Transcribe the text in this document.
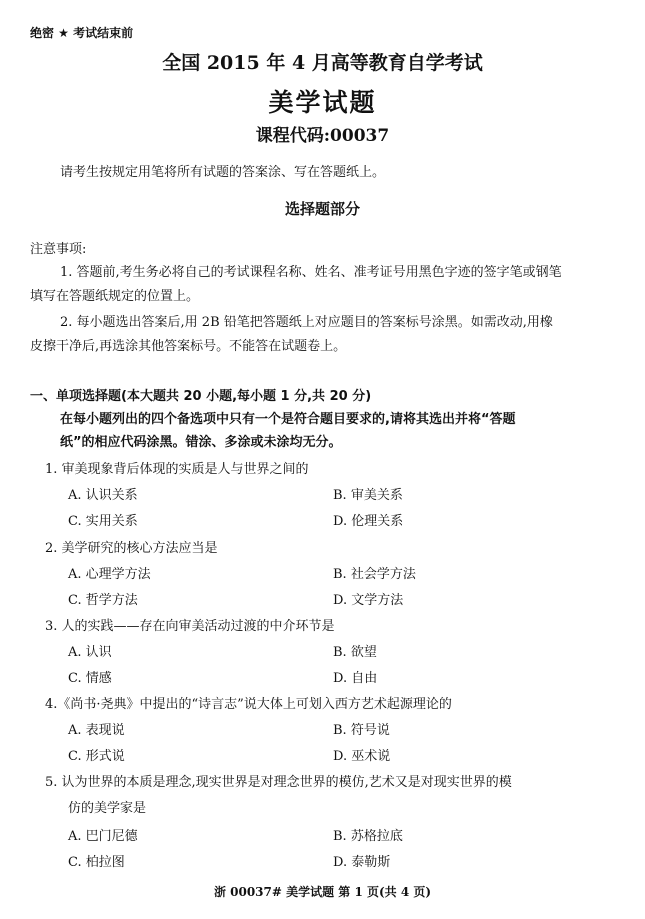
绝密 ★ 考试结束前
全国 2015 年 4 月高等教育自学考试
美学试题
课程代码:00037
请考生按规定用笔将所有试题的答案涂、写在答题纸上。
选择题部分
注意事项:
1. 答题前,考生务必将自己的考试课程名称、姓名、准考证号用黑色字迹的签字笔或钢笔
填写在答题纸规定的位置上。
2. 每小题选出答案后,用 2B 铅笔把答题纸上对应题目的答案标号涂黑。如需改动,用橡
皮擦干净后,再选涂其他答案标号。不能答在试题卷上。
一、单项选择题(本大题共 20 小题,每小题 1 分,共 20 分)
在每小题列出的四个备选项中只有一个是符合题目要求的,请将其选出并将“答题
纸”的相应代码涂黑。错涂、多涂或未涂均无分。
1. 审美现象背后体现的实质是人与世界之间的
A. 认识关系	B. 审美关系
C. 实用关系	D. 伦理关系
2. 美学研究的核心方法应当是
A. 心理学方法	B. 社会学方法
C. 哲学方法	D. 文学方法
3. 人的实践——存在向审美活动过渡的中介环节是
A. 认识	B. 欲望
C. 情感	D. 自由
4.《尚书·尧典》中提出的“诗言志”说大体上可划入西方艺术起源理论的
A. 表现说	B. 符号说
C. 形式说	D. 巫术说
5. 认为世界的本质是理念,现实世界是对理念世界的模仿,艺术又是对现实世界的模
仿的美学家是
A. 巴门尼德	B. 苏格拉底
C. 柏拉图	D. 泰勒斯
浙 00037# 美学试题 第 1 页(共 4 页)
